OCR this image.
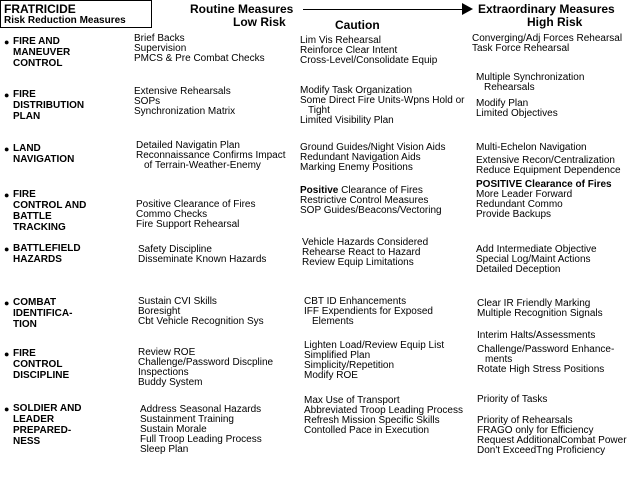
FRATRICIDE
Risk Reduction Measures
Routine Measures
Low Risk	Caution
Extraordinary Measures
High Risk
● FIRE AND
MANEUVER
CONTROL
● FIRE
DISTRIBUTION
PLAN
● LAND
NAVIGATION
● FIRE
CONTROL AND
BATTLE
TRACKING
● BATTLEFIELD
HAZARDS
● COMBAT
IDENTIFICA-
TION
● FIRE
CONTROL
DISCIPLINE
● SOLDIER AND
LEADER
PREPARED-
NESS
Brief Backs
Supervision
PMCS & Pre Combat Checks
Extensive Rehearsals
SOPs
Synchronization Matrix
Detailed Navigatin Plan
Reconnaissance Confirms Impact
of Terrain-Weather-Enemy
Positive Clearance of Fires
Commo Checks
Fire Support Rehearsal
Safety Discipline
Disseminate Known Hazards
Sustain CVI Skills
Boresight
Cbt Vehicle Recognition Sys
Review ROE
Challenge/Password Discpline
Inspections
Buddy System
Address Seasonal Hazards
Sustainment Training
Sustain Morale
Full Troop Leading Process
Sleep Plan
Lim Vis Rehearsal
Reinforce Clear Intent
Cross-Level/Consolidate Equip
Modify Task Organization
Some Direct Fire Units-Wpns Hold or
Tight
Limited Visibility Plan
Ground Guides/Night Vision Aids
Redundant Navigation Aids
Marking Enemy Positions
Positive Clearance of Fires
Restrictive Control Measures
SOP Guides/Beacons/Vectoring
Vehicle Hazards Considered
Rehearse React to Hazard
Review Equip Limitations
CBT ID Enhancements
IFF Expendients for Exposed
Elements
Lighten Load/Review Equip List
Simplified Plan
Simplicity/Repetition
Modify ROE
Max Use of Transport
Abbreviated Troop Leading Process
Refresh Mission Specific Skills
Contolled Pace in Execution
Converging/Adj Forces Rehearsal
Task Force Rehearsal
Multiple Synchronization
Rehearsals
Modify Plan
Limited Objectives
Multi-Echelon Navigation
Extensive Recon/Centralization
Reduce Equipment Dependence
POSITIVE Clearance of Fires
More Leader Forward
Redundant Commo
Provide Backups
Add Intermediate Objective
Special Log/Maint Actions
Detailed Deception
Clear IR Friendly Marking
Multiple Recognition Signals
Interim Halts/Assessments
Challenge/Password Enhance-
ments
Rotate High Stress Positions
Priority of Tasks
Priority of Rehearsals
FRAGO only for Efficiency
Request AdditionalCombat Power
Don't ExceedTng Proficiency
